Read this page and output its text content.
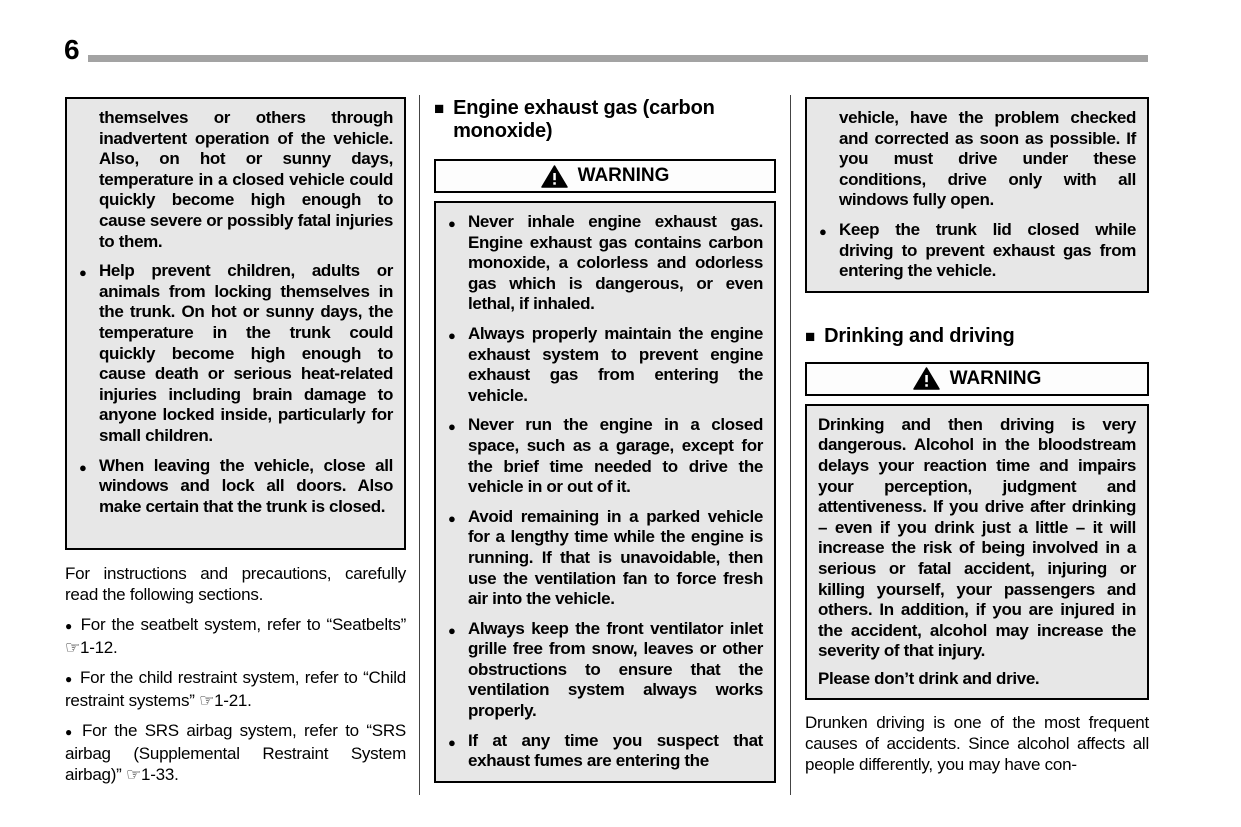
6
themselves or others through inadvertent operation of the vehicle. Also, on hot or sunny days, temperature in a closed vehicle could quickly become high enough to cause severe or possibly fatal injuries to them.
● Help prevent children, adults or animals from locking themselves in the trunk. On hot or sunny days, the temperature in the trunk could quickly become high enough to cause death or serious heat-related injuries including brain damage to anyone locked inside, particularly for small children.
● When leaving the vehicle, close all windows and lock all doors. Also make certain that the trunk is closed.
For instructions and precautions, carefully read the following sections.
● For the seatbelt system, refer to “Seatbelts” ☞1-12.
● For the child restraint system, refer to “Child restraint systems” ☞1-21.
● For the SRS airbag system, refer to “SRS airbag (Supplemental Restraint System airbag)” ☞1-33.
■ Engine exhaust gas (carbon monoxide)
WARNING
● Never inhale engine exhaust gas. Engine exhaust gas contains carbon monoxide, a colorless and odorless gas which is dangerous, or even lethal, if inhaled.
● Always properly maintain the engine exhaust system to prevent engine exhaust gas from entering the vehicle.
● Never run the engine in a closed space, such as a garage, except for the brief time needed to drive the vehicle in or out of it.
● Avoid remaining in a parked vehicle for a lengthy time while the engine is running. If that is unavoidable, then use the ventilation fan to force fresh air into the vehicle.
● Always keep the front ventilator inlet grille free from snow, leaves or other obstructions to ensure that the ventilation system always works properly.
● If at any time you suspect that exhaust fumes are entering the
vehicle, have the problem checked and corrected as soon as possible. If you must drive under these conditions, drive only with all windows fully open.
● Keep the trunk lid closed while driving to prevent exhaust gas from entering the vehicle.
■ Drinking and driving
WARNING
Drinking and then driving is very dangerous. Alcohol in the bloodstream delays your reaction time and impairs your perception, judgment and attentiveness. If you drive after drinking – even if you drink just a little – it will increase the risk of being involved in a serious or fatal accident, injuring or killing yourself, your passengers and others. In addition, if you are injured in the accident, alcohol may increase the severity of that injury.
Please don’t drink and drive.
Drunken driving is one of the most frequent causes of accidents. Since alcohol affects all people differently, you may have con-
